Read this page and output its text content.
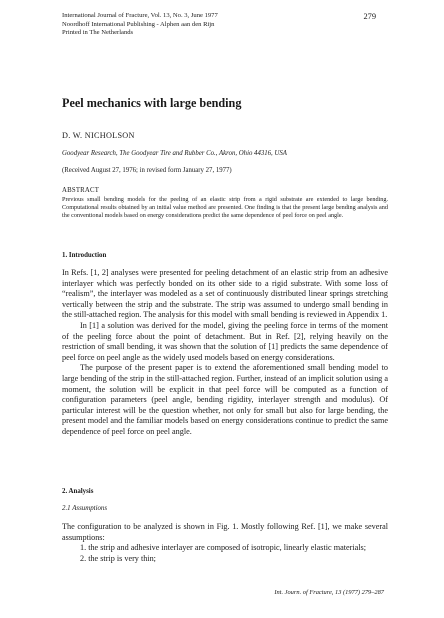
International Journal of Fracture, Vol. 13, No. 3, June 1977
Noordhoff International Publishing - Alphen aan den Rijn
Printed in The Netherlands
279
Peel mechanics with large bending
D. W. NICHOLSON
Goodyear Research, The Goodyear Tire and Rubber Co., Akron, Ohio 44316, USA
(Received August 27, 1976; in revised form January 27, 1977)
ABSTRACT
Previous small bending models for the peeling of an elastic strip from a rigid substrate are extended to large bending. Computational results obtained by an initial value method are presented. One finding is that the present large bending analysis and the conventional models based on energy considerations predict the same dependence of peel force on peel angle.
1. Introduction

In Refs. [1, 2] analyses were presented for peeling detachment of an elastic strip from an adhesive interlayer which was perfectly bonded on its other side to a rigid substrate. With some loss of “realism”, the interlayer was modeled as a set of continuously distributed linear springs stretching vertically between the strip and the substrate. The strip was assumed to undergo small bending in the still-attached region. The analysis for this model with small bending is reviewed in Appendix 1.

In [1] a solution was derived for the model, giving the peeling force in terms of the moment of the peeling force about the point of detachment. But in Ref. [2], relying heavily on the restriction of small bending, it was shown that the solution of [1] predicts the same dependence of peel force on peel angle as the widely used models based on energy considerations.

The purpose of the present paper is to extend the aforementioned small bending model to large bending of the strip in the still-attached region. Further, instead of an implicit solution using a moment, the solution will be explicit in that peel force will be computed as a function of configuration parameters (peel angle, bending rigidity, interlayer strength and modulus). Of particular interest will be the question whether, not only for small but also for large bending, the present model and the familiar models based on energy considerations continue to predict the same dependence of peel force on peel angle.

2. Analysis
2.1 Assumptions

The configuration to be analyzed is shown in Fig. 1. Mostly following Ref. [1], we make several assumptions:

1. the strip and adhesive interlayer are composed of isotropic, linearly elastic materials;

2. the strip is very thin;

Int. Journ. of Fracture, 13 (1977) 279–287
